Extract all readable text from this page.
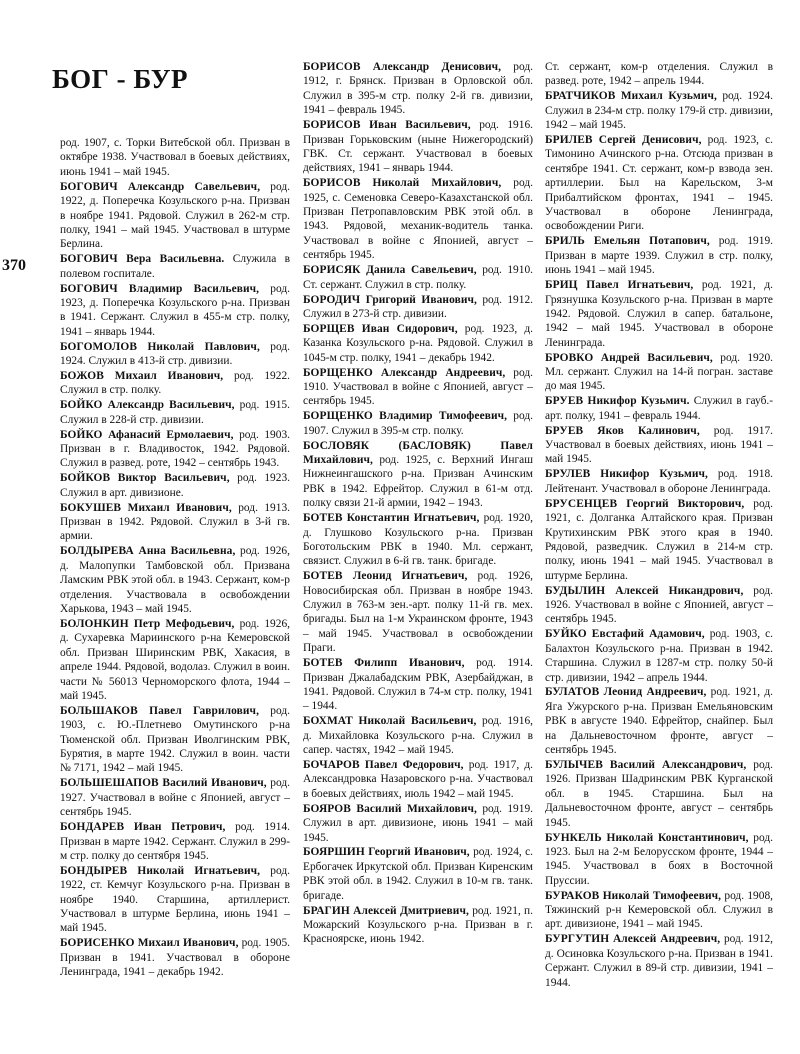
БОГ - БУР
370

род. 1907, с. Торки Витебской обл. Призван в октябре 1938. Участвовал в боевых действиях, июнь 1941 – май 1945.

БОГОВИЧ Александр Савельевич, род. 1922, д. Поперечка Козульского р-на. Призван в ноябре 1941. Рядовой. Служил в 262-м стр. полку, 1941 – май 1945. Участвовал в штурме Берлина.

БОГОВИЧ Вера Васильевна. Служила в полевом госпитале.

БОГОВИЧ Владимир Васильевич, род. 1923, д. Поперечка Козульского р-на. Призван в 1941. Сержант. Служил в 455-м стр. полку, 1941 – январь 1944.

БОГОМОЛОВ Николай Павлович, род. 1924. Служил в 413-й стр. дивизии.

БОЖОВ Михаил Иванович, род. 1922. Служил в стр. полку.

БОЙКО Александр Васильевич, род. 1915. Служил в 228-й стр. дивизии.

БОЙКО Афанасий Ермолаевич, род. 1903. Призван в г. Владивосток, 1942. Рядовой. Служил в развед. роте, 1942 – сентябрь 1943.

БОЙКОВ Виктор Васильевич, род. 1923. Служил в арт. дивизионе.

БОКУШЕВ Михаил Иванович, род. 1913. Призван в 1942. Рядовой. Служил в 3-й гв. армии.

БОЛДЫРЕВА Анна Васильевна, род. 1926, д. Малопупки Тамбовской обл. Призвана Ламским РВК этой обл. в 1943. Сержант, ком-р отделения. Участвовала в освобождении Харькова, 1943 – май 1945.

БОЛОНКИН Петр Мефодьевич, род. 1926, д. Сухаревка Мариинского р-на Кемеровской обл. Призван Ширинским РВК, Хакасия, в апреле 1944. Рядовой, водолаз. Служил в воин. части № 56013 Черноморского флота, 1944 – май 1945.

БОЛЬШАКОВ Павел Гаврилович, род. 1903, с. Ю.-Плетнево Омутинского р-на Тюменской обл. Призван Иволгинским РВК, Бурятия, в марте 1942. Служил в воин. части № 7171, 1942 – май 1945.

БОЛЬШЕШАПОВ Василий Иванович, род. 1927. Участвовал в войне с Японией, август – сентябрь 1945.

БОНДАРЕВ Иван Петрович, род. 1914. Призван в марте 1942. Сержант. Служил в 299-м стр. полку до сентября 1945.

БОНДЫРЕВ Николай Игнатьевич, род. 1922, ст. Кемчуг Козульского р-на. Призван в ноябре 1940. Старшина, артиллерист. Участвовал в штурме Берлина, июнь 1941 – май 1945.

БОРИСЕНКО Михаил Иванович, род. 1905. Призван в 1941. Участвовал в обороне Ленинграда, 1941 – декабрь 1942.

БОРИСОВ Александр Денисович, род. 1912, г. Брянск. Призван в Орловской обл. Служил в 395-м стр. полку 2-й гв. дивизии, 1941 – февраль 1945.

БОРИСОВ Иван Васильевич, род. 1916. Призван Горьковским (ныне Нижегородский) ГВК. Ст. сержант. Участвовал в боевых действиях, 1941 – январь 1944.

БОРИСОВ Николай Михайлович, род. 1925, с. Семеновка Северо-Казахстанской обл. Призван Петропавловским РВК этой обл. в 1943. Рядовой, механик-водитель танка. Участвовал в войне с Японией, август – сентябрь 1945.

БОРИСЯК Данила Савельевич, род. 1910. Ст. сержант. Служил в стр. полку.

БОРОДИЧ Григорий Иванович, род. 1912. Служил в 273-й стр. дивизии.

БОРЩЕВ Иван Сидорович, род. 1923, д. Казанка Козульского р-на. Рядовой. Служил в 1045-м стр. полку, 1941 – декабрь 1942.

БОРЩЕНКО Александр Андреевич, род. 1910. Участвовал в войне с Японией, август – сентябрь 1945.

БОРЩЕНКО Владимир Тимофеевич, род. 1907. Служил в 395-м стр. полку.

БОСЛОВЯК (БАСЛОВЯК) Павел Михайлович, род. 1925, с. Верхний Ингаш Нижнеингашского р-на. Призван Ачинским РВК в 1942. Ефрейтор. Служил в 61-м отд. полку связи 21-й армии, 1942 – 1943.

БОТЕВ Константин Игнатьевич, род. 1920, д. Глушково Козульского р-на. Призван Боготольским РВК в 1940. Мл. сержант, связист. Служил в 6-й гв. танк. бригаде.

БОТЕВ Леонид Игнатьевич, род. 1926, Новосибирская обл. Призван в ноябре 1943. Служил в 763-м зен.-арт. полку 11-й гв. мех. бригады. Был на 1-м Украинском фронте, 1943 – май 1945. Участвовал в освобождении Праги.

БОТЕВ Филипп Иванович, род. 1914. Призван Джалабадским РВК, Азербайджан, в 1941. Рядовой. Служил в 74-м стр. полку, 1941 – 1944.

БОХМАТ Николай Васильевич, род. 1916, д. Михайловка Козульского р-на. Служил в сапер. частях, 1942 – май 1945.

БОЧАРОВ Павел Федорович, род. 1917, д. Александровка Назаровского р-на. Участвовал в боевых действиях, июль 1942 – май 1945.

БОЯРОВ Василий Михайлович, род. 1919. Служил в арт. дивизионе, июнь 1941 – май 1945.

БОЯРШИН Георгий Иванович, род. 1924, с. Ербогачек Иркутской обл. Призван Киренским РВК этой обл. в 1942. Служил в 10-м гв. танк. бригаде.

БРАГИН Алексей Дмитриевич, род. 1921, п. Можарский Козульского р-на. Призван в г. Красноярске, июнь 1942.

Ст. сержант, ком-р отделения. Служил в развед. роте, 1942 – апрель 1944.

БРАТЧИКОВ Михаил Кузьмич, род. 1924. Служил в 234-м стр. полку 179-й стр. дивизии, 1942 – май 1945.

БРИЛЕВ Сергей Денисович, род. 1923, с. Тимонино Ачинского р-на. Отсюда призван в сентябре 1941. Ст. сержант, ком-р взвода зен. артиллерии. Был на Карельском, 3-м Прибалтийском фронтах, 1941 – 1945. Участвовал в обороне Ленинграда, освобождении Риги.

БРИЛЬ Емельян Потапович, род. 1919. Призван в марте 1939. Служил в стр. полку, июнь 1941 – май 1945.

БРИЦ Павел Игнатьевич, род. 1921, д. Грязнушка Козульского р-на. Призван в марте 1942. Рядовой. Служил в сапер. батальоне, 1942 – май 1945. Участвовал в обороне Ленинграда.

БРОВКО Андрей Васильевич, род. 1920. Мл. сержант. Служил на 14-й погран. заставе до мая 1945.

БРУЕВ Никифор Кузьмич. Служил в гауб.-арт. полку, 1941 – февраль 1944.

БРУЕВ Яков Калинович, род. 1917. Участвовал в боевых действиях, июнь 1941 – май 1945.

БРУЛЕВ Никифор Кузьмич, род. 1918. Лейтенант. Участвовал в обороне Ленинграда.

БРУСЕНЦЕВ Георгий Викторович, род. 1921, с. Долганка Алтайского края. Призван Крутихинским РВК этого края в 1940. Рядовой, разведчик. Служил в 214-м стр. полку, июнь 1941 – май 1945. Участвовал в штурме Берлина.

БУДЫЛИН Алексей Никандрович, род. 1926. Участвовал в войне с Японией, август – сентябрь 1945.

БУЙКО Евстафий Адамович, род. 1903, с. Балахтон Козульского р-на. Призван в 1942. Старшина. Служил в 1287-м стр. полку 50-й стр. дивизии, 1942 – апрель 1944.

БУЛАТОВ Леонид Андреевич, род. 1921, д. Яга Ужурского р-на. Призван Емельяновским РВК в августе 1940. Ефрейтор, снайпер. Был на Дальневосточном фронте, август – сентябрь 1945.

БУЛЫЧЕВ Василий Александрович, род. 1926. Призван Шадринским РВК Курганской обл. в 1945. Старшина. Был на Дальневосточном фронте, август – сентябрь 1945.

БУНКЕЛЬ Николай Константинович, род. 1923. Был на 2-м Белорусском фронте, 1944 – 1945. Участвовал в боях в Восточной Пруссии.

БУРАКОВ Николай Тимофеевич, род. 1908, Тяжинский р-н Кемеровской обл. Служил в арт. дивизионе, 1941 – май 1945.

БУРГУТИН Алексей Андреевич, род. 1912, д. Осиновка Козульского р-на. Призван в 1941. Сержант. Служил в 89-й стр. дивизии, 1941 – 1944.
